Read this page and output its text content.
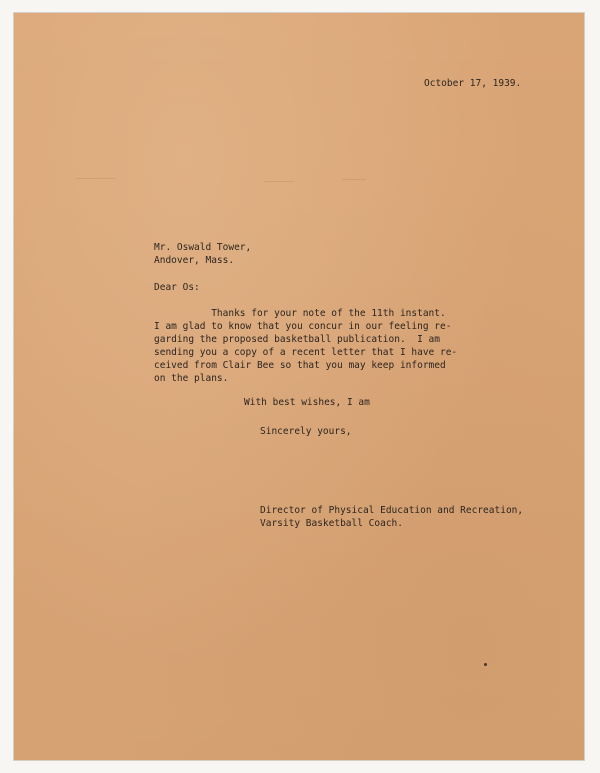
October 17, 1939.
Mr. Oswald Tower,
Andover, Mass.
Dear Os:
Thanks for your note of the 11th instant.
I am glad to know that you concur in our feeling re-
garding the proposed basketball publication.  I am
sending you a copy of a recent letter that I have re-
ceived from Clair Bee so that you may keep informed
on the plans.
With best wishes, I am
Sincerely yours,
Director of Physical Education and Recreation,
Varsity Basketball Coach.
